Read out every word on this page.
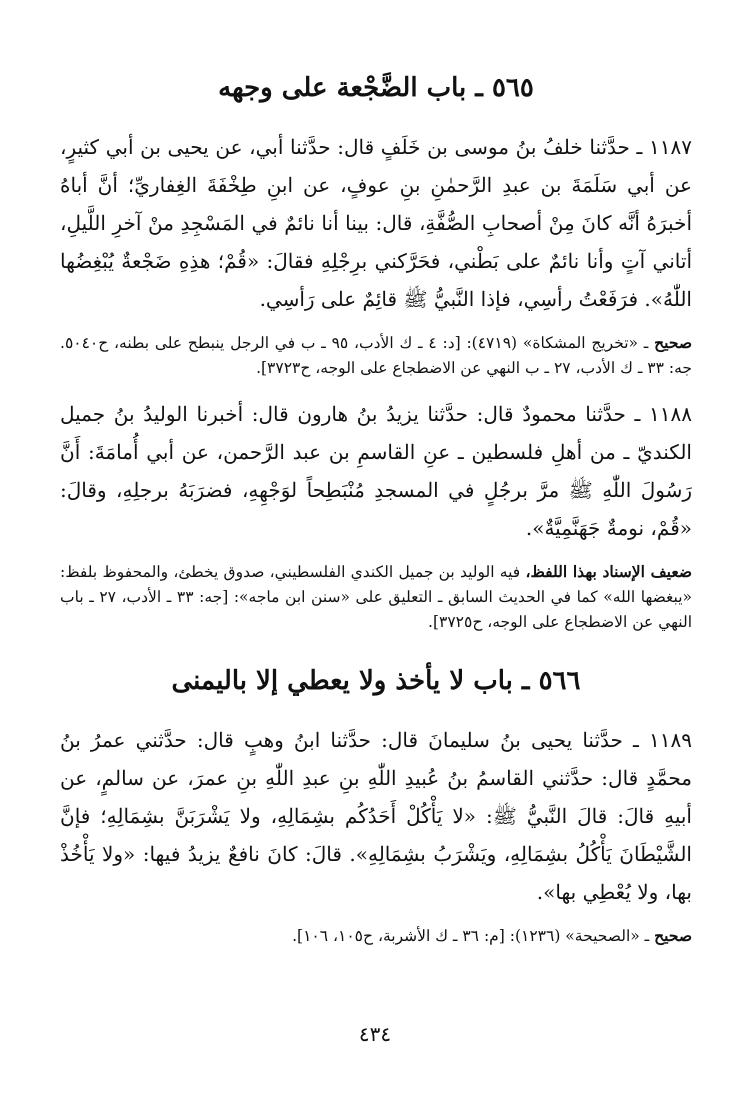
٥٦٥ ـ باب الضَّجْعة على وجهه

١١٨٧ ـ حدَّثنا خلفُ بنُ موسى بن خَلَفٍ قال: حدَّثنا أبي، عن يحيى بن أبي كثيرٍ، عن أبي سَلَمَةَ بن عبدِ الرَّحمٰنِ بنِ عوفٍ، عن ابنِ طِخْفَةَ الغِفاريِّ؛ أنَّ أباهُ أخبرَهُ أنَّه كانَ مِنْ أصحابِ الصُّفَّةِ، قال: بينا أنا نائمٌ في المَسْجِدِ منْ آخرِ اللَّيلِ، أتاني آتٍ وأنا نائمٌ على بَطْني، فحَرَّكني برِجْلِهِ فقالَ: «قُمْ؛ هذِهِ ضَجْعةٌ يُبْغِضُها اللّٰهُ». فرَفَعْتُ رأسِي، فإذا النَّبيُّ ﷺ قائِمٌ على رَأسِي.

صحيح ـ «تخريج المشكاة» (٤٧١٩): [د: ٤ ـ ك الأدب، ٩٥ ـ ب في الرجل ينبطح على بطنه، ح٥٠٤٠. جه: ٣٣ ـ ك الأدب، ٢٧ ـ ب النهي عن الاضطجاع على الوجه، ح٣٧٢٣].

١١٨٨ ـ حدَّثنا محمودٌ قال: حدَّثنا يزيدُ بنُ هارون قال: أخبرنا الوليدُ بنُ جميل الكنديّ ـ من أهلِ فلسطين ـ عنِ القاسمِ بن عبد الرَّحمن، عن أبي أُمامَةَ: أَنَّ رَسُولَ اللّٰهِ ﷺ مرَّ برجُلٍ في المسجدِ مُنْبَطِحاً لوَجْهِهِ، فضرَبَهُ برجلِهِ، وقالَ: «قُمْ، نومةٌ جَهَنَّمِيَّةٌ».

ضعيف الإسناد بهذا اللفظ، فيه الوليد بن جميل الكندي الفلسطيني، صدوق يخطئ، والمحفوظ بلفظ: «يبغضها الله» كما في الحديث السابق ـ التعليق على «سنن ابن ماجه»: [جه: ٣٣ ـ الأدب، ٢٧ ـ باب النهي عن الاضطجاع على الوجه، ح٣٧٢٥].

٥٦٦ ـ باب لا يأخذ ولا يعطي إلا باليمنى

١١٨٩ ـ حدَّثنا يحيى بنُ سليمانَ قال: حدَّثنا ابنُ وهبٍ قال: حدَّثني عمرُ بنُ محمَّدٍ قال: حدَّثني القاسمُ بنُ عُبيدِ اللّٰهِ بنِ عبدِ اللّٰهِ بنِ عمرَ، عن سالمٍ، عن أبيهِ قالَ: قالَ النَّبيُّ ﷺ: «لا يَأْكُلْ أَحَدُكُم بشِمَالِهِ، ولا يَشْرَبَنَّ بشِمَالِهِ؛ فإنَّ الشَّيْطَانَ يَأْكُلُ بشِمَالِهِ، ويَشْرَبُ بشِمَالِهِ». قالَ: كانَ نافعٌ يزيدُ فيها: «ولا يَأْخُذْ بها، ولا يُعْطِي بها».

صحيح ـ «الصحيحة» (١٢٣٦): [م: ٣٦ ـ ك الأشربة، ح١٠٥، ١٠٦].

٤٣٤
